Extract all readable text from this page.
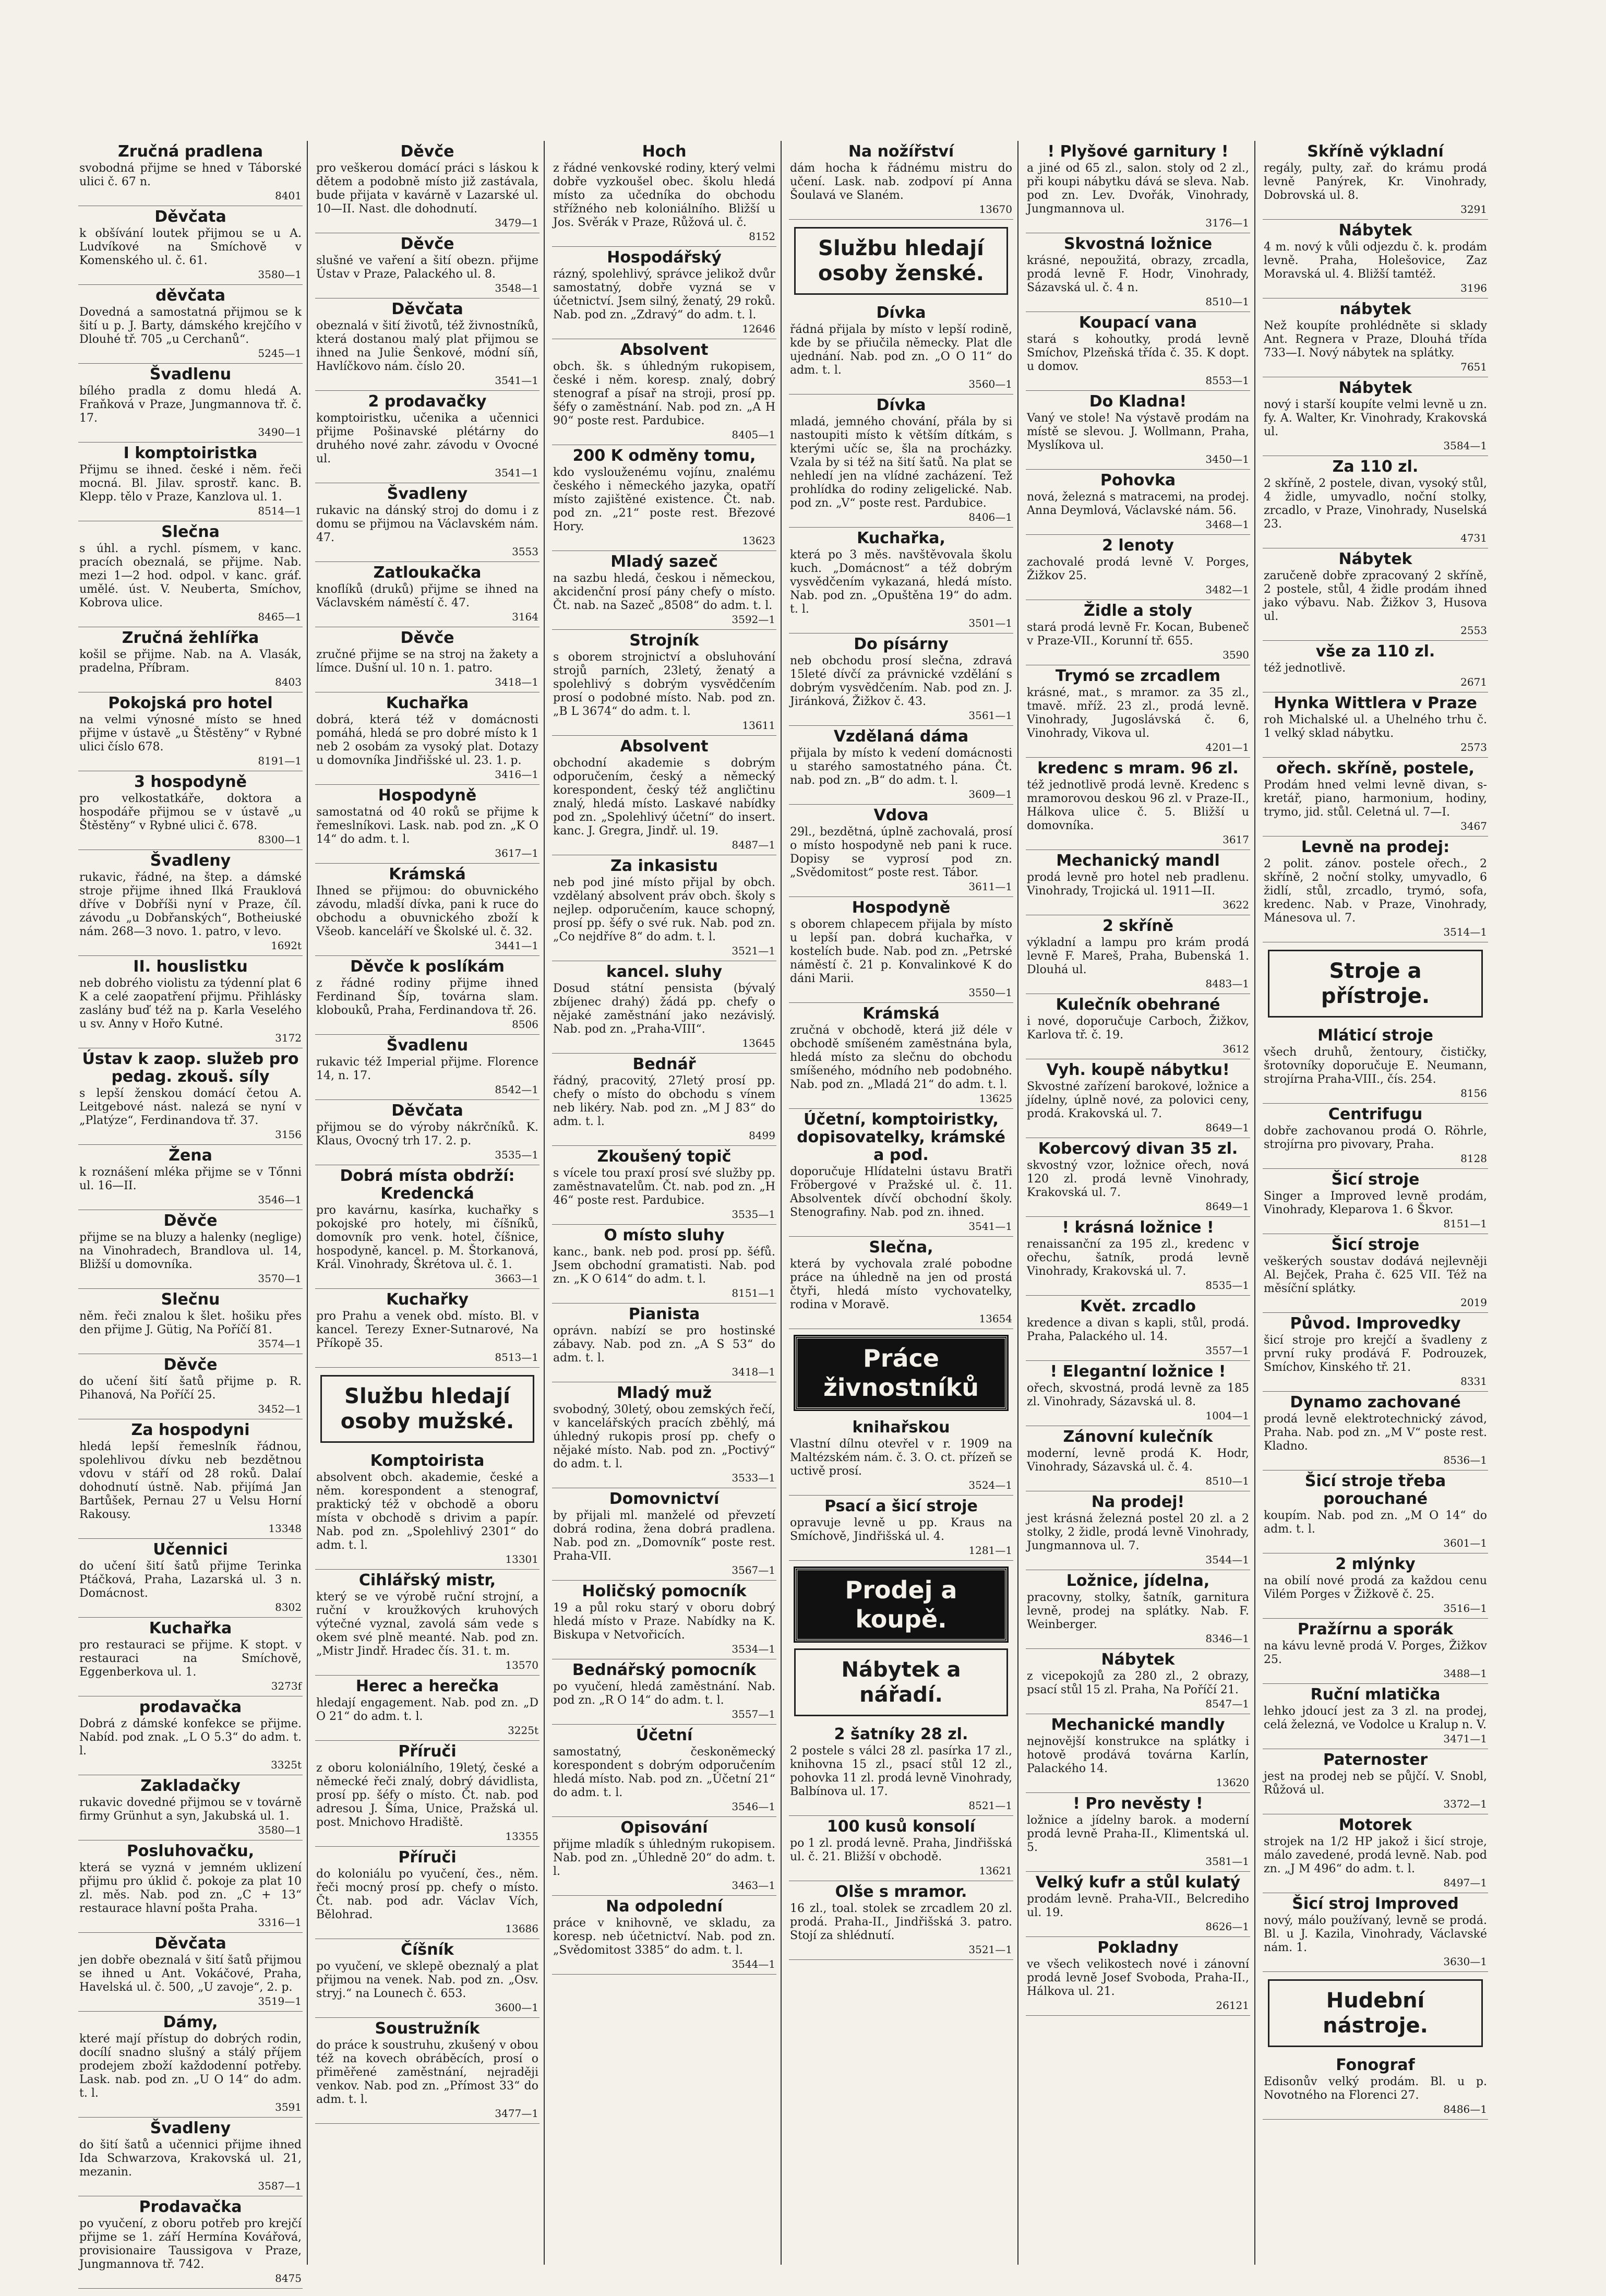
Zručná pradlena

svobodná přijme se hned v Táborské ulici č. 67 n.
8401

Děvčata

k obšívání loutek přijmou se u A. Ludvíkové na Smíchově v Komenského ul. č. 61.
3580—1

děvčata

Dovedná a samostatná přijmou se k šití u p. J. Barty, dámského krejčího v Dlouhé tř. 705 „u Cerchanů“.
5245—1

Švadlenu

bílého pradla z domu hledá A. Fraňková v Praze, Jungmannova tř. č. 17.
3490—1

I komptoiristka

Přijmu se ihned. české i něm. řeči mocná. Bl. Jilav. sprostř. kanc. B. Klepp. tělo v Praze, Kanzlova ul. 1.
8514—1

Slečna

s úhl. a rychl. písmem, v kanc. pracích obeznalá, se přijme. Nab. mezi 1—2 hod. odpol. v kanc. gráf. umělé. úst. V. Neuberta, Smíchov, Kobrova ulice.
8465—1

Zručná žehlířka

košil se přijme. Nab. na A. Vlasák, pradelna, Příbram.
8403

Pokojská pro hotel

na velmi výnosné místo se hned přijme v ústavě „u Štěstěny“ v Rybné ulici číslo 678.
8191—1

3 hospodyně

pro velkostatkáře, doktora a hospodáře přijmou se v ústavě „u Štěstěny“ v Rybné ulici č. 678.
8300—1

Švadleny

rukavic, řádné, na štep. a dámské stroje přijme ihned Ilká Frauklová dříve v Dobříši nyní v Praze, číl. závodu „u Dobřanských“, Botheiuské nám. 268—3 novo. 1. patro, v levo.
1692t

II. houslistku

neb dobrého violistu za týdenní plat 6 K a celé zaopatření přijmu. Přihlásky zaslány buď též na p. Karla Veselého u sv. Anny v Hořo Kutné.
3172

Ústav k zaop. služeb pro pedag. zkouš. síly

s lepší ženskou domácí četou A. Leitgebové nást. nalezá se nyní v „Platýze“, Ferdinandova tř. 37.
3156

Žena

k roznášení mléka přijme se v Tőnni ul. 16—II.
3546—1

Děvče

přijme se na bluzy a halenky (neglige) na Vinohradech, Brandlova ul. 14, Bližší u domovníka.
3570—1

Slečnu

něm. řeči znalou k šlet. hošiku přes den přijme J. Gütig, Na Poříčí 81.
3574—1

Děvče

do učení šití šatů přijme p. R. Pihanová, Na Poříčí 25.
3452—1

Za hospodyni

hledá lepší řemeslník řádnou, spolehlivou dívku neb bezdětnou vdovu v stáří od 28 roků. Dalaí dohodnutí ústně. Nab. přijímá Jan Bartůšek, Pernau 27 u Velsu Horní Rakousy.
13348

Učennici

do učení šití šatů přijme Terinka Ptáčková, Praha, Lazarská ul. 3 n. Domácnost.
8302

Kuchařka

pro restauraci se přijme. K stopt. v restauraci na Smíchově, Eggenberkova ul. 1.
3273f

prodavačka

Dobrá z dámské konfekce se přijme. Nabíd. pod znak. „L O 5.3“ do adm. t. l.
3325t

Zakladačky

rukavic dovedné přijmou se v továrně firmy Grünhut a syn, Jakubská ul. 1.
3580—1

Posluhovačku,

která se vyzná v jemném uklizení přijmu pro úklid č. pokoje za plat 10 zl. měs. Nab. pod zn. „C + 13“ restaurace hlavní pošta Praha.
3316—1

Děvčata

jen dobře obeznalá v šití šatů přijmou se ihned u Ant. Vokáčové, Praha, Havelská ul. č. 500, „U zavoje“, 2. p.
3519—1

Dámy,

které mají přístup do dobrých rodin, docílí snadno slušný a stálý příjem prodejem zboží každodenní potřeby. Lask. nab. pod zn. „U O 14“ do adm. t. l.
3591

Švadleny

do šití šatů a učennici přijme ihned Ida Schwarzova, Krakovská ul. 21, mezanin.
3587—1

Prodavačka

po vyučení, z oboru potřeb pro krejčí přijme se 1. září Hermína Kovářová, provisionaire Taussigova v Praze, Jungmannova tř. 742.
8475

Děvče

pro veškerou domácí práci s láskou k dětem a podobně místo již zastávala, bude přijata v kavárně v Lazarské ul. 10—II. Nast. dle dohodnutí.
3479—1

Děvče

slušné ve vaření a šití obezn. přijme Ústav v Praze, Palackého ul. 8.
3548—1

Děvčata

obeznalá v šití životů, též živnostníků, která dostanou malý plat přijmou se ihned na Julie Šenkové, módní síň, Havlíčkovo nám. číslo 20.
3541—1

2 prodavačky

komptoiristku, učenika a učennici přijme Pošinavské plétárny do druhého nové zahr. závodu v Ovocné ul.
3541—1

Švadleny

rukavic na dánský stroj do domu i z domu se přijmou na Václavském nám. 47.
3553

Zatloukačka

knoflíků (druků) přijme se ihned na Václavském náměstí č. 47.
3164

Děvče

zručné přijme se na stroj na žakety a límce. Dušní ul. 10 n. 1. patro.
3418—1

Kuchařka

dobrá, která též v domácnosti pomáhá, hledá se pro dobré místo k 1 neb 2 osobám za vysoký plat. Dotazy u domovníka Jindřišské ul. 23. 1. p.
3416—1

Hospodyně

samostatná od 40 roků se přijme k řemeslníkovi. Lask. nab. pod zn. „K O 14“ do adm. t. l.
3617—1

Krámská

Ihned se přijmou: do obuvnického závodu, mladší dívka, pani k ruce do obchodu a obuvnického zboží k Všeob. kanceláří ve Školské ul. č. 32.
3441—1

Děvče k poslíkám

z řádné rodiny přijme ihned Ferdinand Šíp, továrna slam. klobouků, Praha, Ferdinandova tř. 26.
8506

Švadlenu

rukavic též Imperial přijme. Florence 14, n. 17.
8542—1

Děvčata

přijmou se do výroby nákrčníků. K. Klaus, Ovocný trh 17. 2. p.
3535—1

Dobrá místa obdrží: Kredencká

pro kavárnu, kasírka, kuchařky s pokojské pro hotely, mi číšníků, domovník pro venk. hotel, číšnice, hospodyně, kancel. p. M. Štorkanová, Král. Vinohrady, Škrétova ul. č. 1.
3663—1

Kuchařky

pro Prahu a venek obd. místo. Bl. v kancel. Terezy Exner-Sutnarové, Na Příkopě 35.
8513—1

Službu hledají osoby mužské.
Komptoirista

absolvent obch. akademie, české a něm. korespondent a stenograf, praktický též v obchodě a oboru místa v obchodě s drivim a papír. Nab. pod zn. „Spolehlivý 2301“ do adm. t. l.
13301

Cihlářský mistr,

který se ve výrobě ruční strojní, a ruční v kroužkových kruhových výtečné vyznal, zavolá sám vede s okem své plně meanté. Nab. pod zn. „Mistr Jindř. Hradec čís. 31. t. m.
13570

Herec a herečka

hledají engagement. Nab. pod zn. „D O 21“ do adm. t. l.
3225t

Příruči

z oboru koloniálního, 19letý, české a německé řeči znalý, dobrý dávidlista, prosí pp. šéfy o místo. Čt. nab. pod adresou J. Šíma, Unice, Pražská ul. post. Mnichovo Hradiště.
13355

Příruči

do koloniálu po vyučení, čes., něm. řeči mocný prosí pp. chefy o místo. Čt. nab. pod adr. Václav Vích, Bělohrad.
13686

Číšník

po vyučení, ve sklepě obeznalý a plat přijmou na venek. Nab. pod zn. „Osv. stryj.“ na Lounech č. 653.
3600—1

Soustružník

do práce k soustruhu, zkušený v obou též na kovech obráběcích, prosí o přiměřené zaměstnání, nejraději venkov. Nab. pod zn. „Přímost 33“ do adm. t. l.
3477—1

Hoch

z řádné venkovské rodiny, který velmi dobře vyzkoušel obec. školu hledá místo za učedníka do obchodu střížného neb koloniálního. Bližší u Jos. Svěrák v Praze, Růžová ul. č.
8152

Hospodářský

rázný, spolehlivý, správce jelikož dvůr samostatný, dobře vyzná se v účetnictví. Jsem silný, ženatý, 29 roků. Nab. pod zn. „Zdravý“ do adm. t. l.
12646

Absolvent

obch. šk. s úhledným rukopisem, české i něm. koresp. znalý, dobrý stenograf a písař na stroji, prosí pp. šéfy o zaměstnání. Nab. pod zn. „A H 90“ poste rest. Pardubice.
8405—1

200 K odměny tomu,

kdo vyslouženému vojínu, znalému českého i německého jazyka, opatří místo zajištěné existence. Čt. nab. pod zn. „21“ poste rest. Březové Hory.
13623

Mladý sazeč

na sazbu hledá, českou i německou, akcidenční prosí pány chefy o místo. Čt. nab. na Sazeč „8508“ do adm. t. l.
3592—1

Strojník

s oborem strojnictví a obsluhování strojů parních, 23letý, ženatý a spolehlivý s dobrým vysvědčením prosí o podobné místo. Nab. pod zn. „B L 3674“ do adm. t. l.
13611

Absolvent

obchodní akademie s dobrým odporučením, český a německý korespondent, český též angličtinu znalý, hledá místo. Laskavé nabídky pod zn. „Spolehlivý účetní“ do insert. kanc. J. Gregra, Jindř. ul. 19.
8487—1

Za inkasistu

neb pod jiné místo přijal by obch. vzdělaný absolvent práv obch. školy s nejlep. odporučením, kauce schopný, prosí pp. šéfy o své ruk. Nab. pod zn. „Co nejdříve 8“ do adm. t. l.
3521—1

kancel. sluhy

Dosud státní pensista (bývalý zbíjenec drahý) žádá pp. chefy o nějaké zaměstnání jako nezávislý. Nab. pod zn. „Praha-VIII“.
13645

Bednář

řádný, pracovitý, 27letý prosí pp. chefy o místo do obchodu s vínem neb likéry. Nab. pod zn. „M J 83“ do adm. t. l.
8499

Zkoušený topič

s vícele tou praxí prosí své služby pp. zaměstnavatelům. Čt. nab. pod zn. „H 46“ poste rest. Pardubice.
3535—1

O místo sluhy

kanc., bank. neb pod. prosí pp. šéfů. Jsem obchodní gramatisti. Nab. pod zn. „K O 614“ do adm. t. l.
8151—1

Pianista

oprávn. nabízí se pro hostinské zábavy. Nab. pod zn. „A S 53“ do adm. t. l.
3418—1

Mladý muž

svobodný, 30letý, obou zemských řečí, v kancelářských pracích zběhlý, má úhledný rukopis prosí pp. chefy o nějaké místo. Nab. pod zn. „Poctivý“ do adm. t. l.
3533—1

Domovnictví

by přijali ml. manželé od převzetí dobrá rodina, žena dobrá pradlena. Nab. pod zn. „Domovník“ poste rest. Praha-VII.
3567—1

Holičský pomocník

19 a půl roku starý v oboru dobrý hledá místo v Praze. Nabídky na K. Biskupa v Netvořicích.
3534—1

Bednářský pomocník

po vyučení, hledá zaměstnání. Nab. pod zn. „R O 14“ do adm. t. l.
3557—1

Účetní

samostatný, českoněmecký korespondent s dobrým odporučením hledá místo. Nab. pod zn. „Účetní 21“ do adm. t. l.
3546—1

Opisování

přijme mladík s úhledným rukopisem. Nab. pod zn. „Úhledně 20“ do adm. t. l.
3463—1

Na odpolední

práce v knihovně, ve skladu, za koresp. neb účetnictví. Nab. pod zn. „Svědomitost 3385“ do adm. t. l.
3544—1

Na nožířství

dám hocha k řádnému mistru do učení. Lask. nab. zodpoví pí Anna Šoulavá ve Slaném.
13670

Službu hledají osoby ženské.
Dívka

řádná přijala by místo v lepší rodině, kde by se přiučila německy. Plat dle ujednání. Nab. pod zn. „O O 11“ do adm. t. l.
3560—1

Dívka

mladá, jemného chování, přála by si nastoupiti místo k větším dítkám, s kterými učíc se, šla na procházky. Vzala by si též na šití šatů. Na plat se nehledí jen na vlídné zacházení. Tež prohlídka do rodiny zeligelické. Nab. pod zn. „V“ poste rest. Pardubice.
8406—1

Kuchařka,

která po 3 měs. navštěvovala školu kuch. „Domácnost“ a též dobrým vysvědčením vykazaná, hledá místo. Nab. pod zn. „Opuštěna 19“ do adm. t. l.
3501—1

Do písárny

neb obchodu prosí slečna, zdravá 15leté dívčí za právnické vzdělání s dobrým vysvědčením. Nab. pod zn. J. Jiránková, Žižkov č. 43.
3561—1

Vzdělaná dáma

přijala by místo k vedení domácnosti u starého samostatného pána. Čt. nab. pod zn. „B“ do adm. t. l.
3609—1

Vdova

29l., bezdětná, úplně zachovalá, prosí o místo hospodyně neb pani k ruce. Dopisy se vyprosí pod zn. „Svědomitost“ poste rest. Tábor.
3611—1

Hospodyně

s oborem chlapecem přijala by místo u lepší pan. dobrá kuchařka, v kostelích bude. Nab. pod zn. „Petrské náměstí č. 21 p. Konvalinkové K do dáni Marii.
3550—1

Krámská

zručná v obchodě, která již déle v obchodě smíšeném zaměstnána byla, hledá místo za slečnu do obchodu smíšeného, módního neb podobného. Nab. pod zn. „Mladá 21“ do adm. t. l.
13625

Účetní, komptoiristky, dopisovatelky, krámské a pod.

doporučuje Hlídatelni ústavu Bratři Fröbergové v Pražské ul. č. 11. Absolventek dívčí obchodní školy. Stenografiny. Nab. pod zn. ihned.
3541—1

Slečna,

která by vychovala zralé pobodne práce na úhledně na jen od prostá čtyři, hledá místo vychovatelky, rodina v Moravě.
13654

Práce živnostníků
knihařskou

Vlastní dílnu otevřel v r. 1909 na Maltézském nám. č. 3. O. ct. přízeň se uctivě prosí.
3524—1

Psací a šicí stroje

opravuje levně u pp. Kraus na Smíchově, Jindřišská ul. 4.
1281—1

Prodej a koupě.
Nábytek a nářadí.
2 šatníky 28 zl.

2 postele s válci 28 zl. pasírka 17 zl., knihovna 15 zl., psací stůl 12 zl., pohovka 11 zl. prodá levně Vinohrady, Balbínova ul. 17.
8521—1

100 kusů konsolí

po 1 zl. prodá levně. Praha, Jindřišská ul. č. 21. Bližší v obchodě.
13621

Olše s mramor.

16 zl., toal. stolek se zrcadlem 20 zl. prodá. Praha-II., Jindřišská 3. patro. Stojí za shlédnutí.
3521—1

! Plyšové garnitury !

a jiné od 65 zl., salon. stoly od 2 zl., při koupi nábytku dává se sleva. Nab. pod zn. Lev. Dvořák, Vinohrady, Jungmannova ul.
3176—1

Skvostná ložnice

krásné, nepoužitá, obrazy, zrcadla, prodá levně F. Hodr, Vinohrady, Sázavská ul. č. 4 n.
8510—1

Koupací vana

stará s kohoutky, prodá levně Smíchov, Plzeňská třída č. 35. K dopt. u domov.
8553—1

Do Kladna!

Vaný ve stole! Na výstavě prodám na místě se slevou. J. Wollmann, Praha, Myslíkova ul.
3450—1

Pohovka

nová, železná s matracemi, na prodej. Anna Deymlová, Václavské nám. 56.
3468—1

2 lenoty

zachovalé prodá levně V. Porges, Žižkov 25.
3482—1

Židle a stoly

stará prodá levně Fr. Kocan, Bubeneč v Praze-VII., Korunní tř. 655.
3590

Trymó se zrcadlem

krásné, mat., s mramor. za 35 zl., tmavě. mříž. 23 zl., prodá levně. Vinohrady, Jugoslávská č. 6, Vinohrady, Vikova ul.
4201—1

kredenc s mram. 96 zl.

též jednotlivě prodá levně. Kredenc s mramorovou deskou 96 zl. v Praze-II., Hálkova ulice č. 5. Bližší u domovníka.
3617

Mechanický mandl

prodá levně pro hotel neb pradlenu. Vinohrady, Trojická ul. 1911—II.
3622

2 skříně

výkladní a lampu pro krám prodá levně F. Mareš, Praha, Bubenská 1. Dlouhá ul.
8483—1

Kulečník obehrané

i nové, doporučuje Carboch, Žižkov, Karlova tř. č. 19.
3612

Vyh. koupě nábytku!

Skvostné zařízení barokové, ložnice a jídelny, úplně nové, za polovici ceny, prodá. Krakovská ul. 7.
8649—1

Kobercový divan 35 zl.

skvostný vzor, ložnice ořech, nová 120 zl. prodá levně Vinohrady, Krakovská ul. 7.
8649—1

! krásná ložnice !

renaissanční za 195 zl., kredenc v ořechu, šatník, prodá levně Vinohrady, Krakovská ul. 7.
8535—1

Květ. zrcadlo

kredence a divan s kapli, stůl, prodá. Praha, Palackého ul. 14.
3557—1

! Elegantní ložnice !

ořech, skvostná, prodá levně za 185 zl. Vinohrady, Sázavská ul. 8.
1004—1

Zánovní kulečník

moderní, levně prodá K. Hodr, Vinohrady, Sázavská ul. č. 4.
8510—1

Na prodej!

jest krásná železná postel 20 zl. a 2 stolky, 2 židle, prodá levně Vinohrady, Jungmannova ul. 7.
3544—1

Ložnice, jídelna,

pracovny, stolky, šatník, garnitura levně, prodej na splátky. Nab. F. Weinberger.
8346—1

Nábytek

z vicepokojů za 280 zl., 2 obrazy, psací stůl 15 zl. Praha, Na Poříčí 21.
8547—1

Mechanické mandly

nejnovější konstrukce na splátky i hotově prodává továrna Karlín, Palackého 14.
13620

! Pro nevěsty !

ložnice a jídelny barok. a moderní prodá levně Praha-II., Klimentská ul. 5.
3581—1

Velký kufr a stůl kulatý

prodám levně. Praha-VII., Belcrediho ul. 19.
8626—1

Pokladny

ve všech velikostech nové i zánovní prodá levně Josef Svoboda, Praha-II., Hálkova ul. 21.
26121

Skříně výkladní

regály, pulty, zař. do krámu prodá levně Panýrek, Kr. Vinohrady, Dobrovská ul. 8.
3291

Nábytek

4 m. nový k vůli odjezdu č. k. prodám levně. Praha, Holešovice, Zaz Moravská ul. 4. Bližší tamtéž.
3196

nábytek

Než koupíte prohlédněte si sklady Ant. Regnera v Praze, Dlouhá třída 733—I. Nový nábytek na splátky.
7651

Nábytek

nový i starší koupíte velmi levně u zn. fy. A. Walter, Kr. Vinohrady, Krakovská ul.
3584—1

Za 110 zl.

2 skříně, 2 postele, divan, vysoký stůl, 4 židle, umyvadlo, noční stolky, zrcadlo, v Praze, Vinohrady, Nuselská 23.
4731

Nábytek

zaručeně dobře zpracovaný 2 skříně, 2 postele, stůl, 4 židle prodám ihned jako výbavu. Nab. Žižkov 3, Husova ul.
2553

vše za 110 zl.

též jednotlivě.
2671

Hynka Wittlera v Praze

roh Michalské ul. a Uhelného trhu č. 1 velký sklad nábytku.
2573

ořech. skříně, postele,

Prodám hned velmi levně divan, s-kretář, piano, harmonium, hodiny, trymo, jid. stůl. Celetná ul. 7—I.
3467

Levně na prodej:

2 polit. zánov. postele ořech., 2 skříně, 2 noční stolky, umyvadlo, 6 židlí, stůl, zrcadlo, trymó, sofa, kredenc. Nab. v Praze, Vinohrady, Mánesova ul. 7.
3514—1

Stroje a přístroje.
Mláticí stroje

všech druhů, žentoury, čističky, šrotovníky doporučuje E. Neumann, strojírna Praha-VIII., čís. 254.
8156

Centrifugu

dobře zachovanou prodá O. Röhrle, strojírna pro pivovary, Praha.
8128

Šicí stroje

Singer a Improved levně prodám, Vinohrady, Kleparova 1. 6 Škvor.
8151—1

Šicí stroje

veškerých soustav dodává nejlevněji Al. Bejček, Praha č. 625 VII. Též na měsíční splátky.
2019

Původ. Improvedky

šicí stroje pro krejčí a švadleny z první ruky prodává F. Podrouzek, Smíchov, Kinského tř. 21.
8331

Dynamo zachované

prodá levně elektrotechnický závod, Praha. Nab. pod zn. „M V“ poste rest. Kladno.
8536—1

Šicí stroje třeba porouchané

koupím. Nab. pod zn. „M O 14“ do adm. t. l.
3601—1

2 mlýnky

na obilí nové prodá za každou cenu Vilém Porges v Žižkově č. 25.
3516—1

Pražírnu a sporák

na kávu levně prodá V. Porges, Žižkov 25.
3488—1

Ruční mlatička

lehko jdoucí jest za 3 zl. na prodej, celá železná, ve Vodolce u Kralup n. V.
3471—1

Paternoster

jest na prodej neb se půjčí. V. Snobl, Růžová ul.
3372—1

Motorek

strojek na 1/2 HP jakož i šicí stroje, málo zavedené, prodá levně. Nab. pod zn. „J M 496“ do adm. t. l.
8497—1

Šicí stroj Improved

nový, málo používaný, levně se prodá. Bl. u J. Kazila, Vinohrady, Václavské nám. 1.
3630—1

Hudební nástroje.
Fonograf

Edisonův velký prodám. Bl. u p. Novotného na Florenci 27.
8486—1
